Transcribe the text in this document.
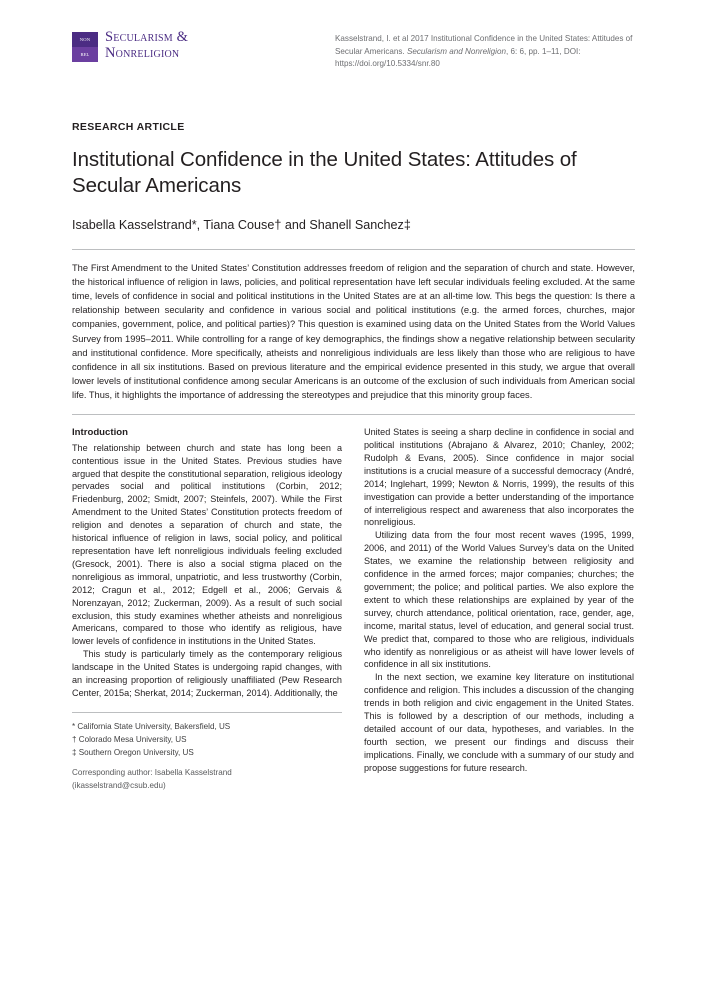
NON
REL
Secularism &
Nonreligion
Kasselstrand, I. et al 2017 Institutional Confidence in the United States: Attitudes of Secular Americans. Secularism and Nonreligion, 6: 6, pp. 1–11, DOI: https://doi.org/10.5334/snr.80
RESEARCH ARTICLE
Institutional Confidence in the United States: Attitudes of Secular Americans
Isabella Kasselstrand*, Tiana Couse† and Shanell Sanchez‡
The First Amendment to the United States’ Constitution addresses freedom of religion and the separation of church and state. However, the historical influence of religion in laws, policies, and political representation have left secular individuals feeling excluded. At the same time, levels of confidence in social and political institutions in the United States are at an all-time low. This begs the question: Is there a relationship between secularity and confidence in various social and political institutions (e.g. the armed forces, churches, major companies, government, police, and political parties)? This question is examined using data on the United States from the World Values Survey from 1995–2011. While controlling for a range of key demographics, the findings show a negative relationship between secularity and institutional confidence. More specifically, atheists and nonreligious individuals are less likely than those who are religious to have confidence in all six institutions. Based on previous literature and the empirical evidence presented in this study, we argue that overall lower levels of institutional confidence among secular Americans is an outcome of the exclusion of such individuals from American social life. Thus, it highlights the importance of addressing the stereotypes and prejudice that this minority group faces.
Introduction

The relationship between church and state has long been a contentious issue in the United States. Previous studies have argued that despite the constitutional separation, religious ideology pervades social and political institutions (Corbin, 2012; Friedenburg, 2002; Smidt, 2007; Steinfels, 2007). While the First Amendment to the United States’ Constitution protects freedom of religion and denotes a separation of church and state, the historical influence of religion in laws, social policy, and political representation have left nonreligious individuals feeling excluded (Gresock, 2001). There is also a social stigma placed on the nonreligious as immoral, unpatriotic, and less trustworthy (Corbin, 2012; Cragun et al., 2012; Edgell et al., 2006; Gervais & Norenzayan, 2012; Zuckerman, 2009). As a result of such social exclusion, this study examines whether atheists and nonreligious Americans, compared to those who identify as religious, have lower levels of confidence in institutions in the United States.

This study is particularly timely as the contemporary religious landscape in the United States is undergoing rapid changes, with an increasing proportion of religiously unaffiliated (Pew Research Center, 2015a; Sherkat, 2014; Zuckerman, 2014). Additionally, the

* California State University, Bakersfield, US
† Colorado Mesa University, US
‡ Southern Oregon University, US
Corresponding author: Isabella Kasselstrand
(ikasselstrand@csub.edu)

United States is seeing a sharp decline in confidence in social and political institutions (Abrajano & Alvarez, 2010; Chanley, 2002; Rudolph & Evans, 2005). Since confidence in major social institutions is a crucial measure of a successful democracy (André, 2014; Inglehart, 1999; Newton & Norris, 1999), the results of this investigation can provide a better understanding of the importance of interreligious respect and awareness that also incorporates the nonreligious.

Utilizing data from the four most recent waves (1995, 1999, 2006, and 2011) of the World Values Survey’s data on the United States, we examine the relationship between religiosity and confidence in the armed forces; major companies; churches; the government; the police; and political parties. We also explore the extent to which these relationships are explained by year of the survey, church attendance, political orientation, race, gender, age, income, marital status, level of education, and general social trust. We predict that, compared to those who are religious, individuals who identify as nonreligious or as atheist will have lower levels of confidence in all six institutions.

In the next section, we examine key literature on institutional confidence and religion. This includes a discussion of the changing trends in both religion and civic engagement in the United States. This is followed by a description of our methods, including a detailed account of our data, hypotheses, and variables. In the fourth section, we present our findings and discuss their implications. Finally, we conclude with a summary of our study and propose suggestions for future research.
